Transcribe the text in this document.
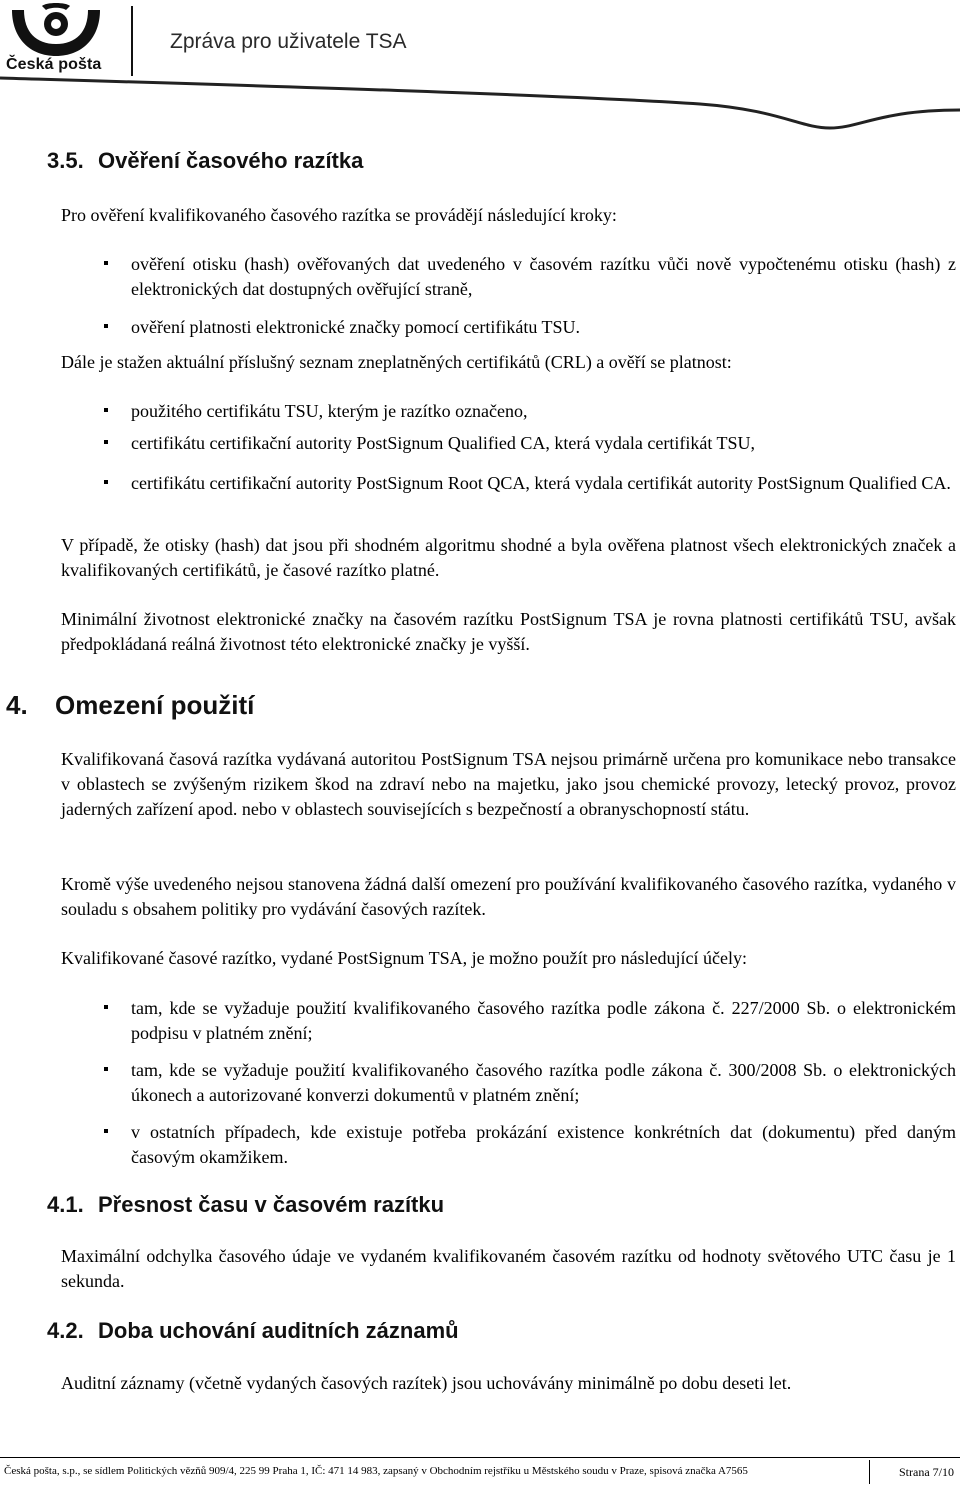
Česká pošta
Zpráva pro uživatele TSA
3.5. Ověření časového razítka
Pro ověření kvalifikovaného časového razítka se provádějí následující kroky:
ověření otisku (hash) ověřovaných dat uvedeného v časovém razítku vůči nově vypočtenému otisku (hash) z elektronických dat dostupných ověřující straně,
ověření platnosti elektronické značky pomocí certifikátu TSU.
Dále je stažen aktuální příslušný seznam zneplatněných certifikátů (CRL) a ověří se platnost:
použitého certifikátu TSU, kterým je razítko označeno,
certifikátu certifikační autority PostSignum Qualified CA, která vydala certifikát TSU,
certifikátu certifikační autority PostSignum Root QCA, která vydala certifikát autority PostSignum Qualified CA.
V případě, že otisky (hash) dat jsou při shodném algoritmu shodné a byla ověřena platnost všech elektronických značek a kvalifikovaných certifikátů, je časové razítko platné.
Minimální životnost elektronické značky na časovém razítku PostSignum TSA je rovna platnosti certifikátů TSU, avšak předpokládaná reálná životnost této elektronické značky je vyšší.
4. Omezení použití
Kvalifikovaná časová razítka vydávaná autoritou PostSignum TSA nejsou primárně určena pro komunikace nebo transakce v oblastech se zvýšeným rizikem škod na zdraví nebo na majetku, jako jsou chemické provozy, letecký provoz, provoz jaderných zařízení apod. nebo v oblastech souvisejících s bezpečností a obranyschopností státu.
Kromě výše uvedeného nejsou stanovena žádná další omezení pro používání kvalifikovaného časového razítka, vydaného v souladu s obsahem politiky pro vydávání časových razítek.
Kvalifikované časové razítko, vydané PostSignum TSA, je možno použít pro následující účely:
tam, kde se vyžaduje použití kvalifikovaného časového razítka podle zákona č. 227/2000 Sb. o elektronickém podpisu v platném znění;
tam, kde se vyžaduje použití kvalifikovaného časového razítka podle zákona č. 300/2008 Sb. o elektronických úkonech a autorizované konverzi dokumentů v platném znění;
v ostatních případech, kde existuje potřeba prokázání existence konkrétních dat (dokumentu) před daným časovým okamžikem.
4.1. Přesnost času v časovém razítku
Maximální odchylka časového údaje ve vydaném kvalifikovaném časovém razítku od hodnoty světového UTC času je 1 sekunda.
4.2. Doba uchování auditních záznamů
Auditní záznamy (včetně vydaných časových razítek) jsou uchovávány minimálně po dobu deseti let.
Česká pošta, s.p., se sídlem Politických vězňů 909/4, 225 99 Praha 1, IČ: 471 14 983, zapsaný v Obchodním rejstříku u Městského soudu v Praze, spisová značka A7565	Strana 7/10
